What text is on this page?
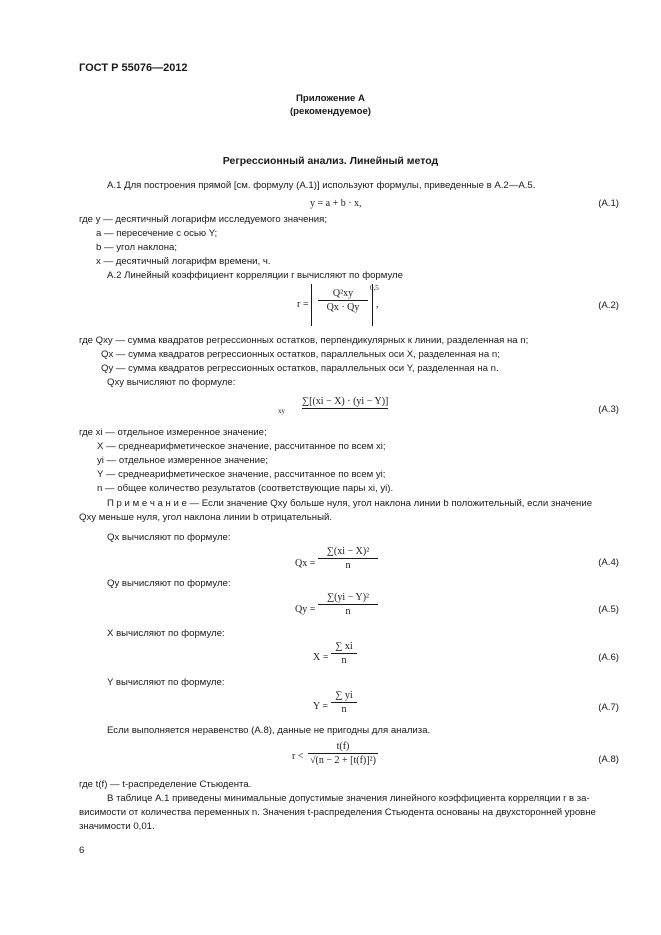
ГОСТ Р 55076—2012
Приложение А
(рекомендуемое)
Регрессионный анализ. Линейный метод
А.1 Для построения прямой [см. формулу (А.1)] используют формулы, приведенные в А.2—А.5.
y = a + b · x,	(А.1)
где y — десятичный логарифм исследуемого значения;
a — пересечение с осью Y;
b — угол наклона;
x — десятичный логарифм времени, ч.
А.2 Линейный коэффициент корреляции r вычисляют по формуле
$r = \frac{\text{Q²xy}}{Qx \cdot Qy} 0,5$
,	(А.2)
где Qxy — сумма квадратов регрессионных остатков, перпендикулярных к линии, разделенная на n;
Qx — сумма квадратов регрессионных остатков, параллельных оси X, разделенная на n;
Qy — сумма квадратов регрессионных остатков, параллельных оси Y, разделенная на n.
Qxy вычисляют по формуле:
xy
∑[(xi − X) · (yi − Y)]
(А.3)
где xi — отдельное измеренное значение;
X — среднеарифметическое значение, рассчитанное по всем xi;
yi — отдельное измеренное значение;
Y — среднеарифметическое значение, рассчитанное по всем yi;
n — общее количество результатов (соответствующие пары xi, yi).
П р и м е ч а н и е — Если значение Qxy больше нуля, угол наклона линии b положительный, если значение
Qxy меньше нуля, угол наклона линии b отрицательный.
Qx вычисляют по формуле:
$Qx = \frac{\text{∑(xi − X)²}}{n}$	(А.4)
Qy вычисляют по формуле:
$Qy = \frac{\text{∑(yi − Y)²}}{n}$	(А.5)
X вычисляют по формуле:
$X = \frac{\sum xi}{n}$	(А.6)
Y вычисляют по формуле:
$Y = \frac{\sum yi}{n}$	(А.7)
Если выполняется неравенство (А.8), данные не пригодны для анализа.
$r < \frac{t(f)}{\text{√(n − 2 + [t(f)]²)}}$	(А.8)
где t(f) — t-распределение Стьюдента.
В таблице А.1 приведены минимальные допустимые значения линейного коэффициента корреляции r в за-
висимости от количества переменных n. Значения t-распределения Стьюдента основаны на двухсторонней уровне
значимости 0,01.
6
